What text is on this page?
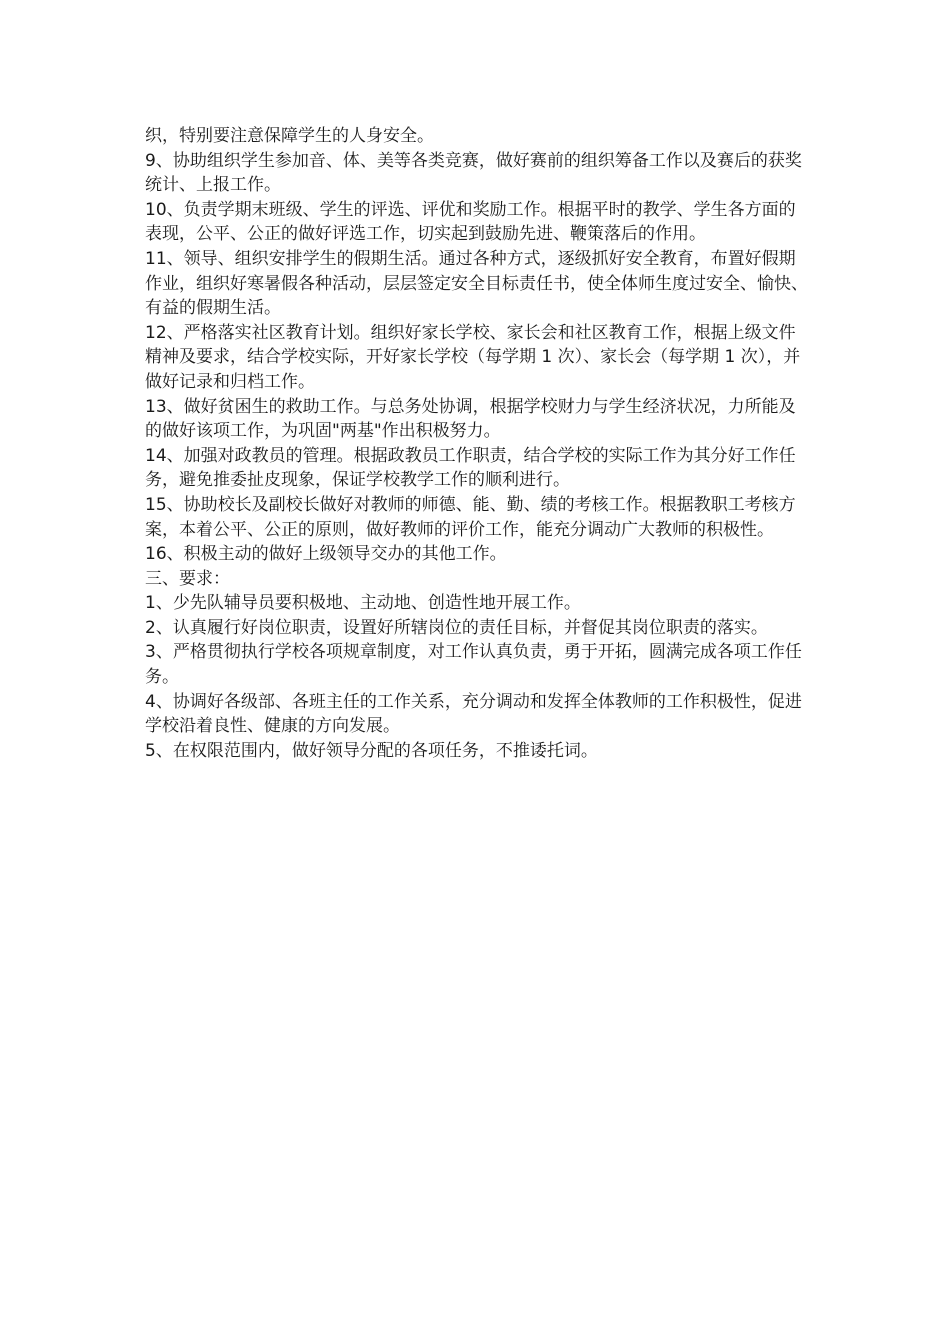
织，特别要注意保障学生的人身安全。

9、协助组织学生参加音、体、美等各类竞赛，做好赛前的组织筹备工作以及赛后的获奖统计、上报工作。

10、负责学期末班级、学生的评选、评优和奖励工作。根据平时的教学、学生各方面的表现，公平、公正的做好评选工作，切实起到鼓励先进、鞭策落后的作用。

11、领导、组织安排学生的假期生活。通过各种方式，逐级抓好安全教育，布置好假期作业，组织好寒暑假各种活动，层层签定安全目标责任书，使全体师生度过安全、愉快、有益的假期生活。

12、严格落实社区教育计划。组织好家长学校、家长会和社区教育工作，根据上级文件精神及要求，结合学校实际，开好家长学校（每学期 1 次）、家长会（每学期 1 次），并做好记录和归档工作。

13、做好贫困生的救助工作。与总务处协调，根据学校财力与学生经济状况，力所能及的做好该项工作，为巩固"两基"作出积极努力。

14、加强对政教员的管理。根据政教员工作职责，结合学校的实际工作为其分好工作任务，避免推委扯皮现象，保证学校教学工作的顺利进行。

15、协助校长及副校长做好对教师的师德、能、勤、绩的考核工作。根据教职工考核方案，本着公平、公正的原则，做好教师的评价工作，能充分调动广大教师的积极性。

16、积极主动的做好上级领导交办的其他工作。

三、要求：

1、少先队辅导员要积极地、主动地、创造性地开展工作。

2、认真履行好岗位职责，设置好所辖岗位的责任目标，并督促其岗位职责的落实。

3、严格贯彻执行学校各项规章制度，对工作认真负责，勇于开拓，圆满完成各项工作任务。

4、协调好各级部、各班主任的工作关系，充分调动和发挥全体教师的工作积极性，促进学校沿着良性、健康的方向发展。

5、在权限范围内，做好领导分配的各项任务，不推诿托词。
